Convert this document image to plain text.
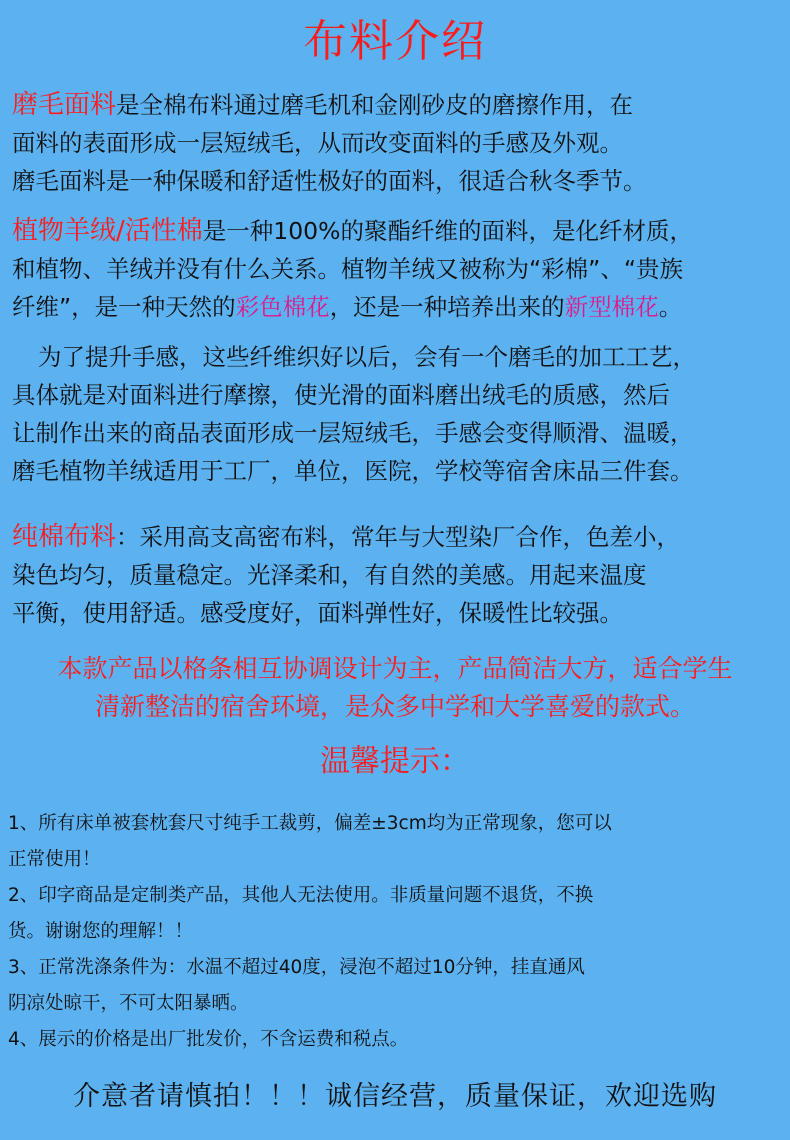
布料介绍
磨毛面料是全棉布料通过磨毛机和金刚砂皮的磨擦作用，在
面料的表面形成一层短绒毛，从而改变面料的手感及外观。
磨毛面料是一种保暖和舒适性极好的面料，很适合秋冬季节。
植物羊绒/活性棉是一种100%的聚酯纤维的面料，是化纤材质，
和植物、羊绒并没有什么关系。植物羊绒又被称为“彩棉”、“贵族
纤维”，是一种天然的彩色棉花，还是一种培养出来的新型棉花。
为了提升手感，这些纤维织好以后，会有一个磨毛的加工工艺，
具体就是对面料进行摩擦，使光滑的面料磨出绒毛的质感，然后
让制作出来的商品表面形成一层短绒毛，手感会变得顺滑、温暖，
磨毛植物羊绒适用于工厂，单位，医院，学校等宿舍床品三件套。
纯棉布料：采用高支高密布料，常年与大型染厂合作，色差小，
染色均匀，质量稳定。光泽柔和，有自然的美感。用起来温度
平衡，使用舒适。感受度好，面料弹性好，保暖性比较强。
本款产品以格条相互协调设计为主，产品简洁大方，适合学生
清新整洁的宿舍环境，是众多中学和大学喜爱的款式。
温馨提示：
1、所有床单被套枕套尺寸纯手工裁剪，偏差±3cm均为正常现象，您可以
正常使用！
2、印字商品是定制类产品，其他人无法使用。非质量问题不退货，不换
货。谢谢您的理解！！
3、正常洗涤条件为：水温不超过40度，浸泡不超过10分钟，挂直通风
阴凉处晾干，不可太阳暴晒。
4、展示的价格是出厂批发价，不含运费和税点。
介意者请慎拍！！！诚信经营，质量保证，欢迎选购
